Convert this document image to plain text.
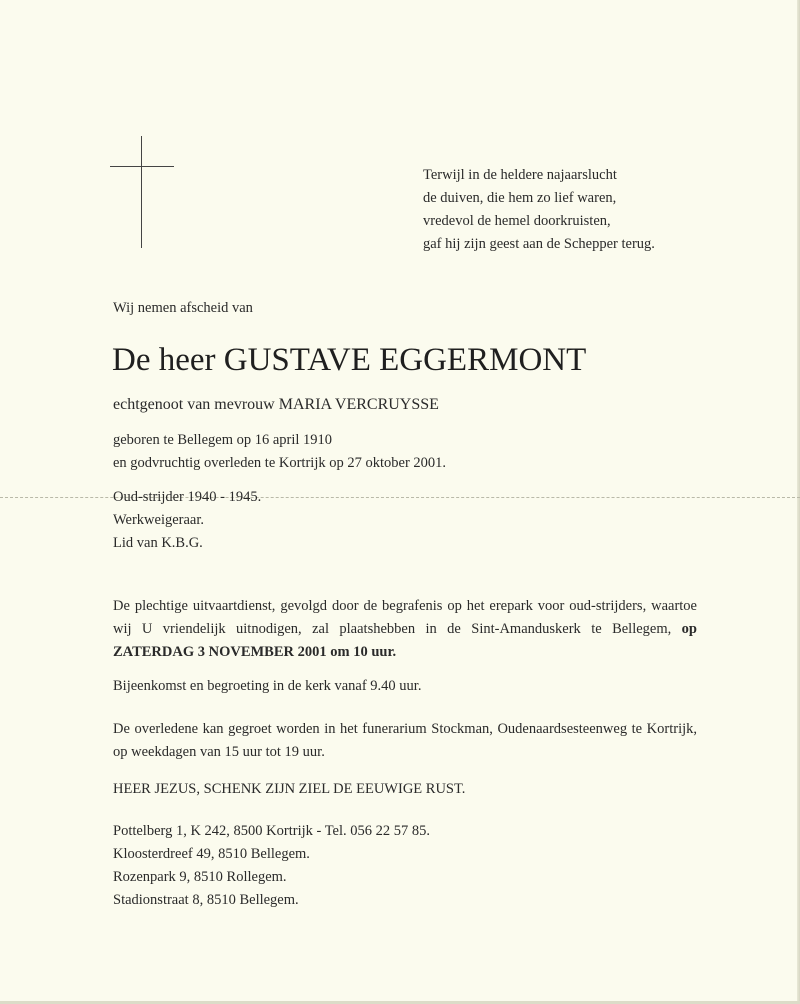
Terwijl in de heldere najaarslucht
de duiven, die hem zo lief waren,
vredevol de hemel doorkruisten,
gaf hij zijn geest aan de Schepper terug.
Wij nemen afscheid van
De heer GUSTAVE EGGERMONT
echtgenoot van mevrouw MARIA VERCRUYSSE
geboren te Bellegem op 16 april 1910
en godvruchtig overleden te Kortrijk op 27 oktober 2001.
Oud-strijder 1940 - 1945.
Werkweigeraar.
Lid van K.B.G.
De plechtige uitvaartdienst, gevolgd door de begrafenis op het erepark voor oud-strijders, waartoe wij U vriendelijk uitnodigen, zal plaatshebben in de Sint-Amanduskerk te Bellegem, op ZATERDAG 3 NOVEMBER 2001 om 10 uur.
Bijeenkomst en begroeting in de kerk vanaf 9.40 uur.
De overledene kan gegroet worden in het funerarium Stockman, Oudenaardsesteenweg te Kortrijk, op weekdagen van 15 uur tot 19 uur.
HEER JEZUS, SCHENK ZIJN ZIEL DE EEUWIGE RUST.
Pottelberg 1, K 242, 8500 Kortrijk - Tel. 056 22 57 85.
Kloosterdreef 49, 8510 Bellegem.
Rozenpark 9, 8510 Rollegem.
Stadionstraat 8, 8510 Bellegem.
